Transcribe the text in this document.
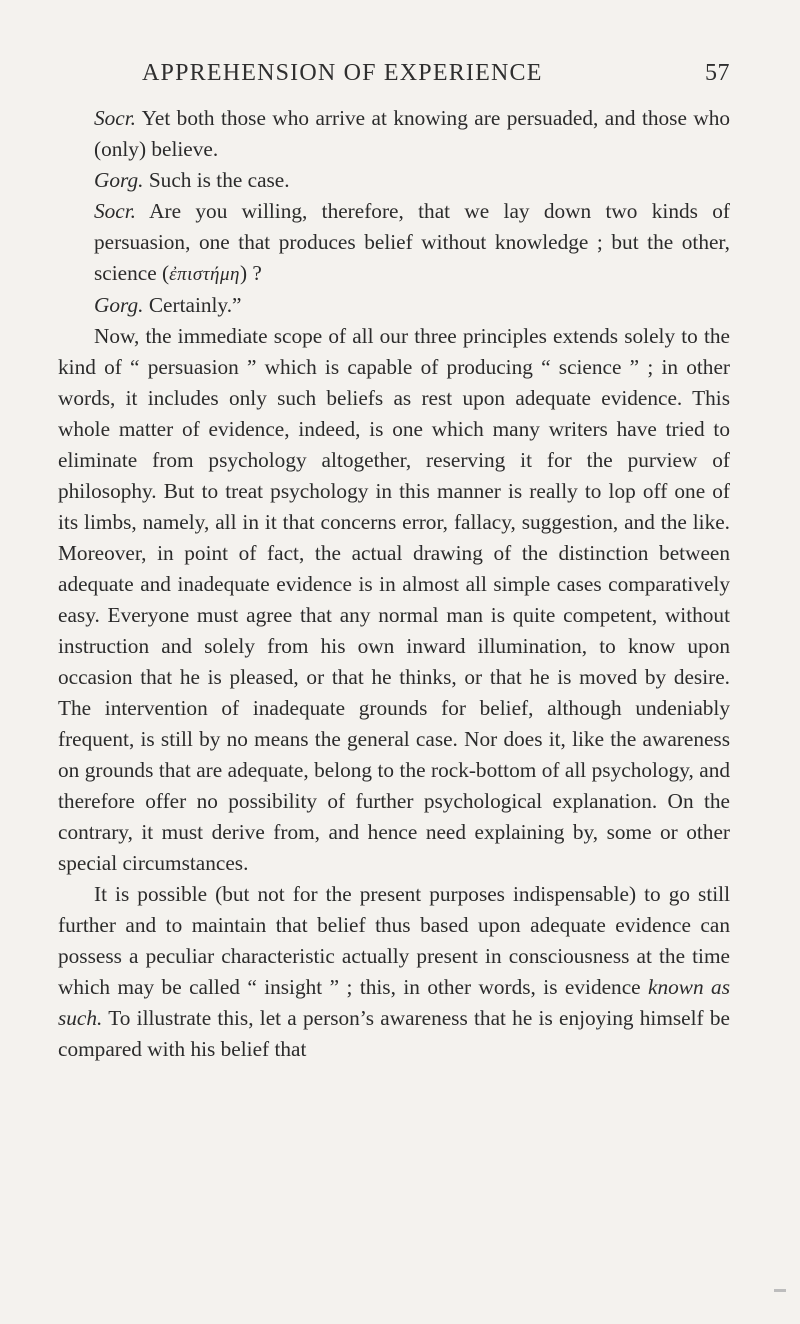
APPREHENSION OF EXPERIENCE	57

Socr. Yet both those who arrive at knowing are persuaded, and those who (only) believe.

Gorg. Such is the case.

Socr. Are you willing, therefore, that we lay down two kinds of persuasion, one that produces belief without knowledge ; but the other, science (ἐπιστήμη) ?

Gorg. Certainly.”

Now, the immediate scope of all our three principles extends solely to the kind of “ persuasion ” which is capable of producing “ science ” ; in other words, it includes only such beliefs as rest upon adequate evidence. This whole matter of evidence, indeed, is one which many writers have tried to eliminate from psychology altogether, reserving it for the purview of philosophy. But to treat psychology in this manner is really to lop off one of its limbs, namely, all in it that concerns error, fallacy, suggestion, and the like. Moreover, in point of fact, the actual drawing of the distinction between adequate and inadequate evidence is in almost all simple cases comparatively easy. Everyone must agree that any normal man is quite competent, without instruction and solely from his own inward illumination, to know upon occasion that he is pleased, or that he thinks, or that he is moved by desire. The intervention of inadequate grounds for belief, although undeniably frequent, is still by no means the general case. Nor does it, like the awareness on grounds that are adequate, belong to the rock-bottom of all psychology, and therefore offer no possibility of further psychological explanation. On the contrary, it must derive from, and hence need explaining by, some or other special circumstances.

It is possible (but not for the present purposes indispensable) to go still further and to maintain that belief thus based upon adequate evidence can possess a peculiar characteristic actually present in consciousness at the time which may be called “ insight ” ; this, in other words, is evidence known as such. To illustrate this, let a person’s awareness that he is enjoying himself be compared with his belief that
